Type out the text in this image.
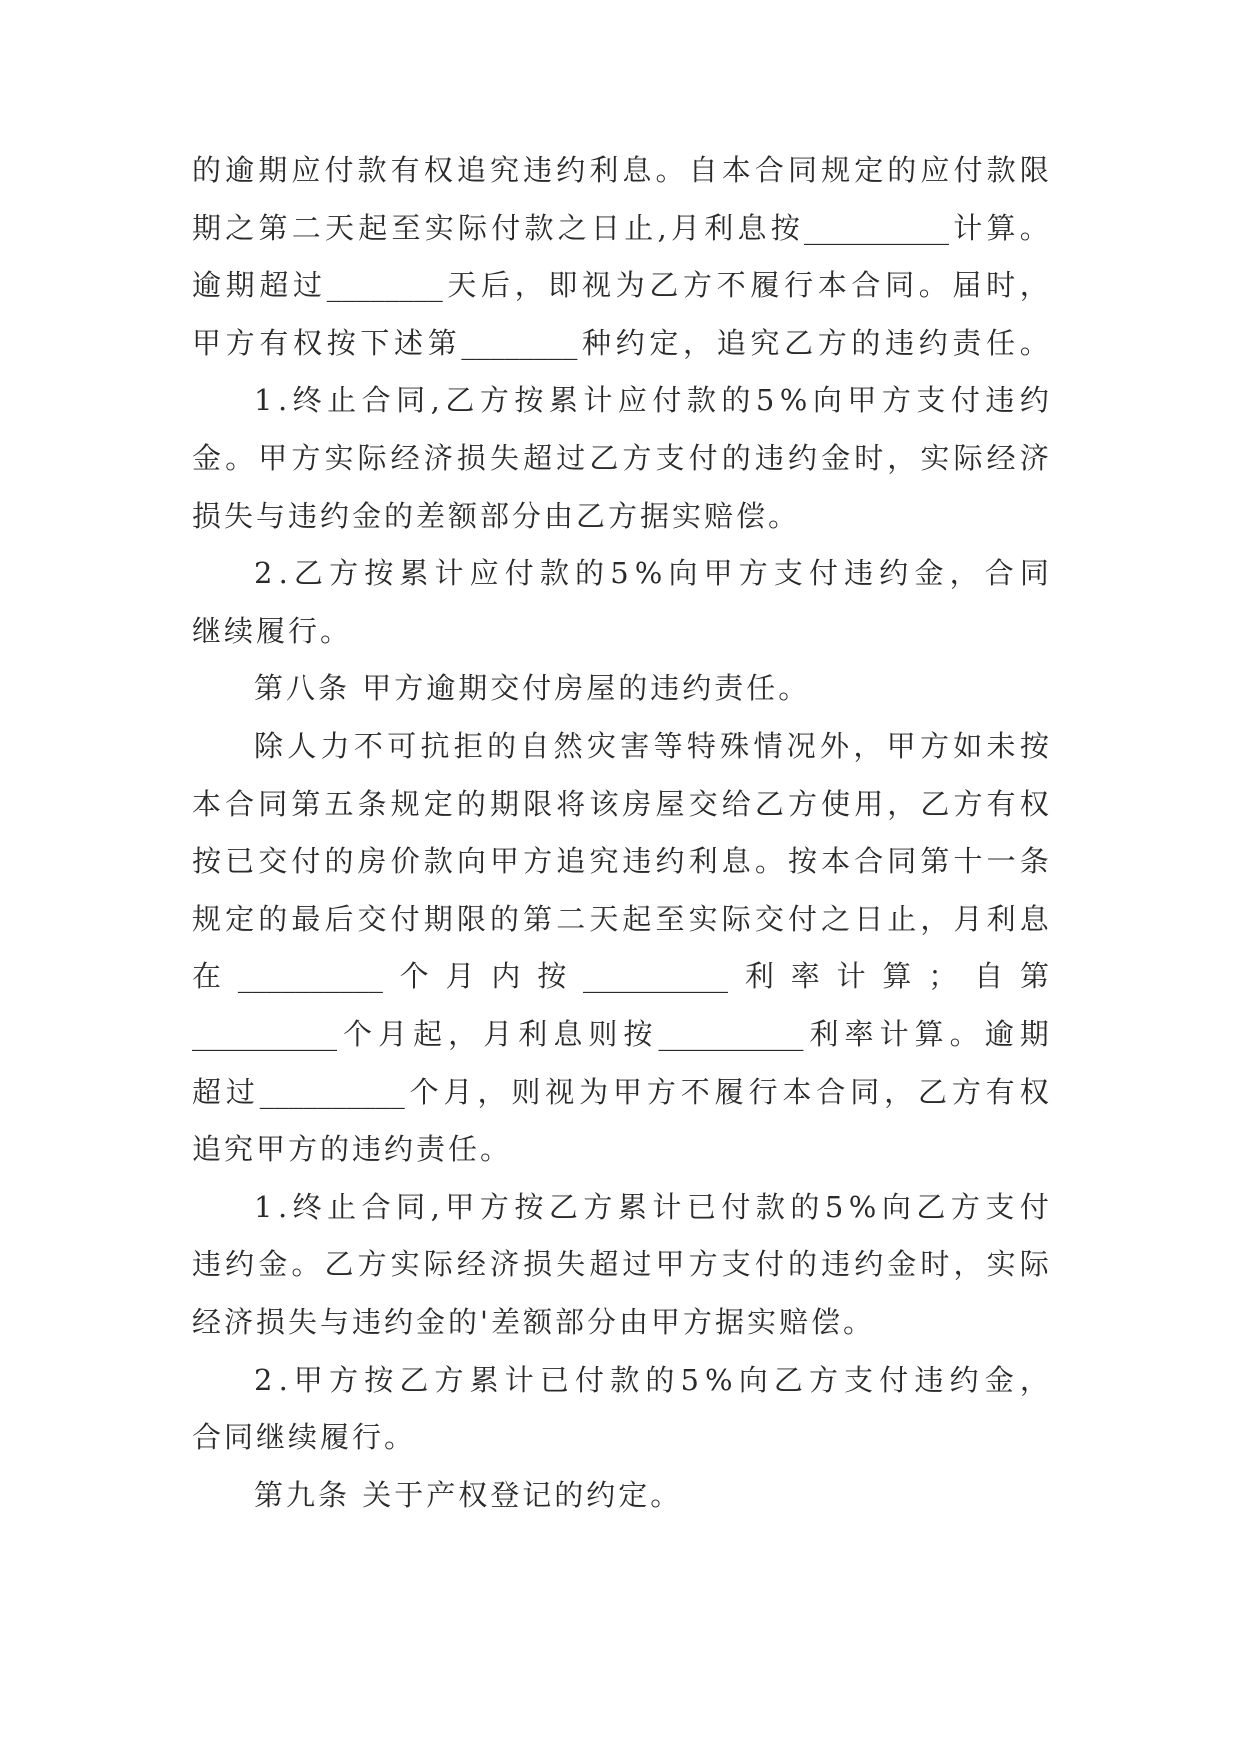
的 逾 期 应 付 款 有 权 追 究 违 约 利 息 。 自 本 合 同 规 定 的 应 付 款 限
期 之 第 二 天 起 至 实 际 付 款 之 日 止 , 月 利 息 按 __________ 计 算 。
逾 期 超 过 ________ 天 后 ， 即 视 为 乙 方 不 履 行 本 合 同 。 届 时 ，
甲 方 有 权 按 下 述 第 ________ 种 约 定 ， 追 究 乙 方 的 违 约 责 任 。
1 . 终 止 合 同 , 乙 方 按 累 计 应 付 款 的 5 % 向 甲 方 支 付 违 约
金 。 甲 方 实 际 经 济 损 失 超 过 乙 方 支 付 的 违 约 金 时 ， 实 际 经 济
损失与违约金的差额部分由乙方据实赔偿。
2 . 乙 方 按 累 计 应 付 款 的 5 % 向 甲 方 支 付 违 约 金 ， 合 同
继续履行。
第八条 甲方逾期交付房屋的违约责任。
除 人 力 不 可 抗 拒 的 自 然 灾 害 等 特 殊 情 况 外 ， 甲 方 如 未 按
本 合 同 第 五 条 规 定 的 期 限 将 该 房 屋 交 给 乙 方 使 用 ， 乙 方 有 权
按 已 交 付 的 房 价 款 向 甲 方 追 究 违 约 利 息 。 按 本 合 同 第 十 一 条
规 定 的 最 后 交 付 期 限 的 第 二 天 起 至 实 际 交 付 之 日 止 ， 月 利 息
在 __________ 个 月 内 按 __________ 利 率 计 算 ； 自 第
__________ 个 月 起 ， 月 利 息 则 按 __________ 利 率 计 算 。 逾 期
超 过 __________ 个 月 ， 则 视 为 甲 方 不 履 行 本 合 同 ， 乙 方 有 权
追究甲方的违约责任。
1 . 终 止 合 同 , 甲 方 按 乙 方 累 计 已 付 款 的 5 % 向 乙 方 支 付
违 约 金 。 乙 方 实 际 经 济 损 失 超 过 甲 方 支 付 的 违 约 金 时 ， 实 际
经济损失与违约金的'差额部分由甲方据实赔偿。
2 . 甲 方 按 乙 方 累 计 已 付 款 的 5 % 向 乙 方 支 付 违 约 金 ，
合同继续履行。
第九条 关于产权登记的约定。
